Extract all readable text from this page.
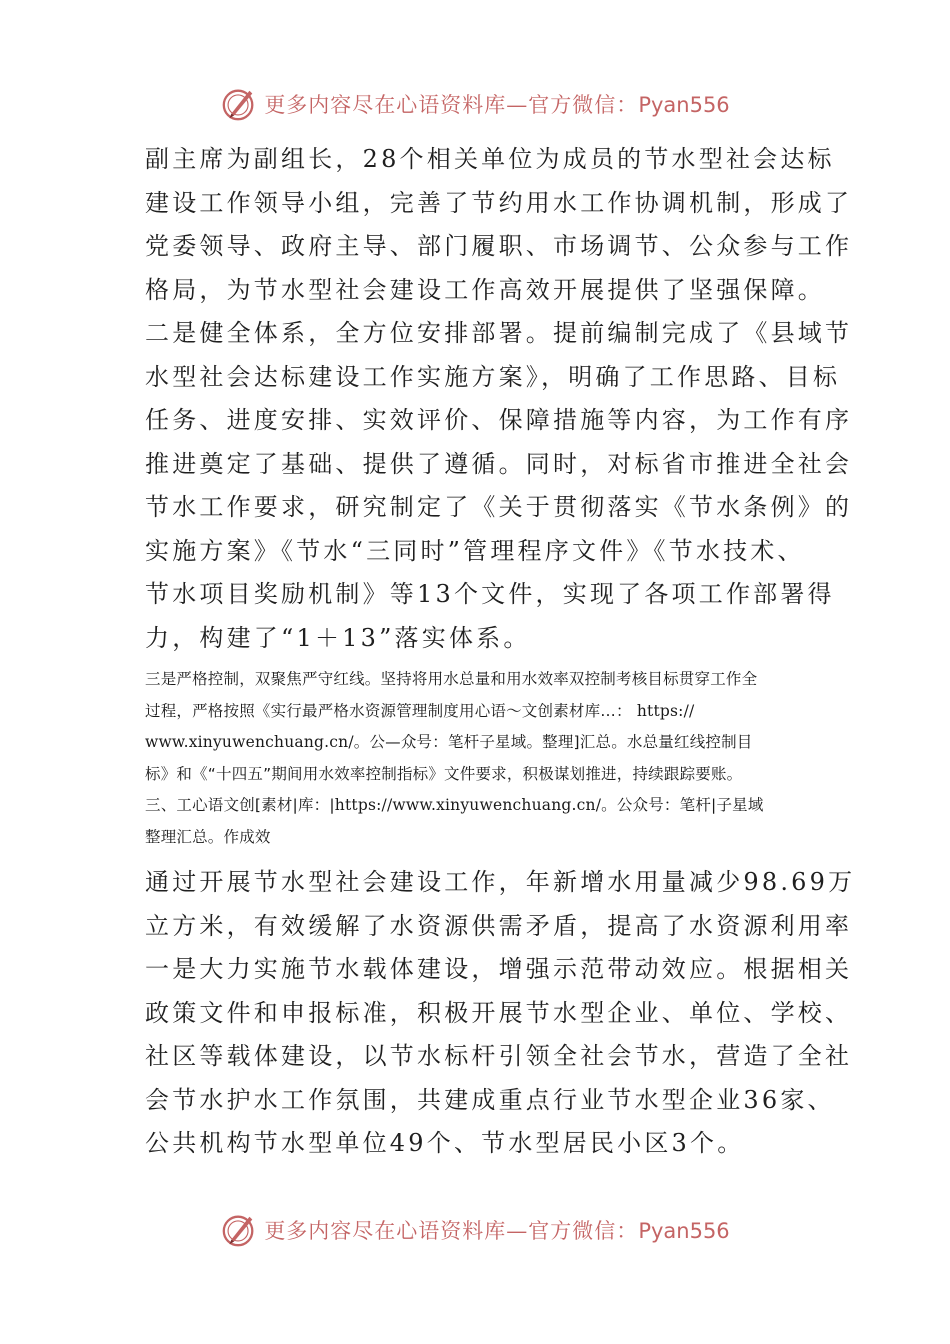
更多内容尽在心语资料库—官方微信：Pyan556

副主席为副组长，28个相关单位为成员的节水型社会达标

建设工作领导小组，完善了节约用水工作协调机制，形成了

党委领导、政府主导、部门履职、市场调节、公众参与工作

格局，为节水型社会建设工作高效开展提供了坚强保障。

二是健全体系，全方位安排部署。提前编制完成了《县域节

水型社会达标建设工作实施方案》，明确了工作思路、目标

任务、进度安排、实效评价、保障措施等内容，为工作有序

推进奠定了基础、提供了遵循。同时，对标省市推进全社会

节水工作要求，研究制定了《关于贯彻落实《节水条例》的

实施方案》《节水“三同时”管理程序文件》《节水技术、

节水项目奖励机制》等13个文件，实现了各项工作部署得

力，构建了“1＋13”落实体系。

三是严格控制，双聚焦严守红线。坚持将用水总量和用水效率双控制考核目标贯穿工作全

过程，严格按照《实行最严格水资源管理制度用心语～文创素材库…： https://

www.xinyuwenchuang.cn/。公—众号：笔杆子星域。整理]汇总。水总量红线控制目

标》和《“十四五”期间用水效率控制指标》文件要求，积极谋划推进，持续跟踪要账。

三、工心语文创[素材|库：|https://www.xinyuwenchuang.cn/。公众号：笔杆|子星域

整理汇总。作成效

通过开展节水型社会建设工作，年新增水用量减少98.69万

立方米，有效缓解了水资源供需矛盾，提高了水资源利用率

一是大力实施节水载体建设，增强示范带动效应。根据相关

政策文件和申报标准，积极开展节水型企业、单位、学校、

社区等载体建设，以节水标杆引领全社会节水，营造了全社

会节水护水工作氛围，共建成重点行业节水型企业36家、

公共机构节水型单位49个、节水型居民小区3个。

更多内容尽在心语资料库—官方微信：Pyan556
